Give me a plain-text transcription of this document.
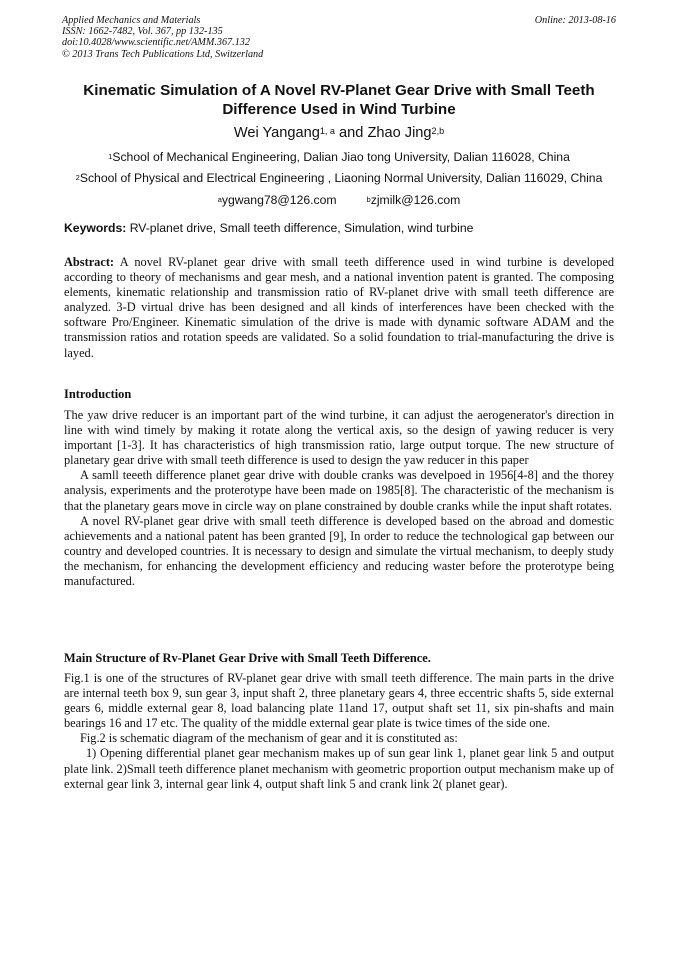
Applied Mechanics and Materials
ISSN: 1662-7482, Vol. 367, pp 132-135
doi:10.4028/www.scientific.net/AMM.367.132
© 2013 Trans Tech Publications Ltd, Switzerland
Online: 2013-08-16
Kinematic Simulation of A Novel RV-Planet Gear Drive with Small Teeth Difference Used in Wind Turbine
Wei Yangang$^{1, a}$ and Zhao Jing$^{2,b}$
$^1$School of Mechanical Engineering, Dalian Jiao tong University, Dalian 116028, China
$^2$School of Physical and Electrical Engineering , Liaoning Normal University, Dalian 116029, China
$^a$ygwang78@126.com	$^b$zjmilk@126.com
Keywords: RV-planet drive, Small teeth difference, Simulation, wind turbine

Abstract: A novel RV-planet gear drive with small teeth difference used in wind turbine is developed according to theory of mechanisms and gear mesh, and a national invention patent is granted. The composing elements, kinematic relationship and transmission ratio of RV-planet drive with small teeth difference are analyzed. 3-D virtual drive has been designed and all kinds of interferences have been checked with the software Pro/Engineer. Kinematic simulation of the drive is made with dynamic software ADAM and the transmission ratios and rotation speeds are validated. So a solid foundation to trial-manufacturing the drive is layed.

Introduction

The yaw drive reducer is an important part of the wind turbine, it can adjust the aerogenerator's direction in line with wind timely by making it rotate along the vertical axis, so the design of yawing reducer is very important [1-3]. It has characteristics of high transmission ratio, large output torque. The new structure of planetary gear drive with small teeth difference is used to design the yaw reducer in this paper

A samll teeeth difference planet gear drive with double cranks was develpoed in 1956[4-8] and the thorey analysis, experiments and the proterotype have been made on 1985[8]. The characteristic of the mechanism is that the planetary gears move in circle way on plane constrained by double cranks while the input shaft rotates.

A novel RV-planet gear drive with small teeth difference is developed based on the abroad and domestic achievements and a national patent has been granted [9], In order to reduce the technological gap between our country and developed countries. It is necessary to design and simulate the virtual mechanism, to deeply study the mechanism, for enhancing the development efficiency and reducing waster before the proterotype being manufactured.

Main Structure of Rv-Planet Gear Drive with Small Teeth Difference.

Fig.1 is one of the structures of RV-planet gear drive with small teeth difference. The main parts in the drive are internal teeth box 9, sun gear 3, input shaft 2, three planetary gears 4, three eccentric shafts 5, side external gears 6, middle external gear 8, load balancing plate 11and 17, output shaft set 11, six pin-shafts and main bearings 16 and 17 etc. The quality of the middle external gear plate is twice times of the side one.

Fig.2 is schematic diagram of the mechanism of gear and it is constituted as:

1) Opening differential planet gear mechanism makes up of sun gear link 1, planet gear link 5 and output plate link. 2)Small teeth difference planet mechanism with geometric proportion output mechanism make up of external gear link 3, internal gear link 4, output shaft link 5 and crank link 2( planet gear).
